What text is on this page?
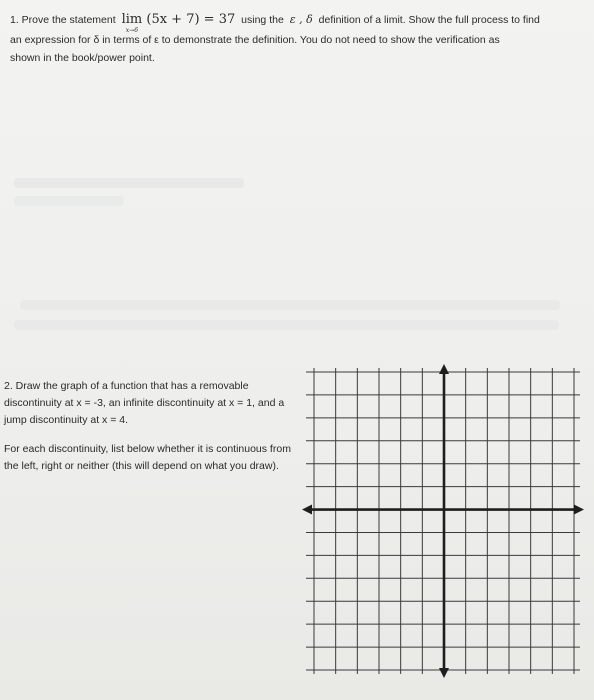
1. Prove the statement lim
x→6
(5x + 7) = 37 using the ε , δ definition of a limit. Show the full process to find
an expression for δ in terms of ε to demonstrate the definition. You do not need to show the verification as
shown in the book/power point.

2. Draw the graph of a function that has a removable discontinuity at x = -3, an infinite discontinuity at x = 1, and a jump discontinuity at x = 4.

For each discontinuity, list below whether it is continuous from the left, right or neither (this will depend on what you draw).
